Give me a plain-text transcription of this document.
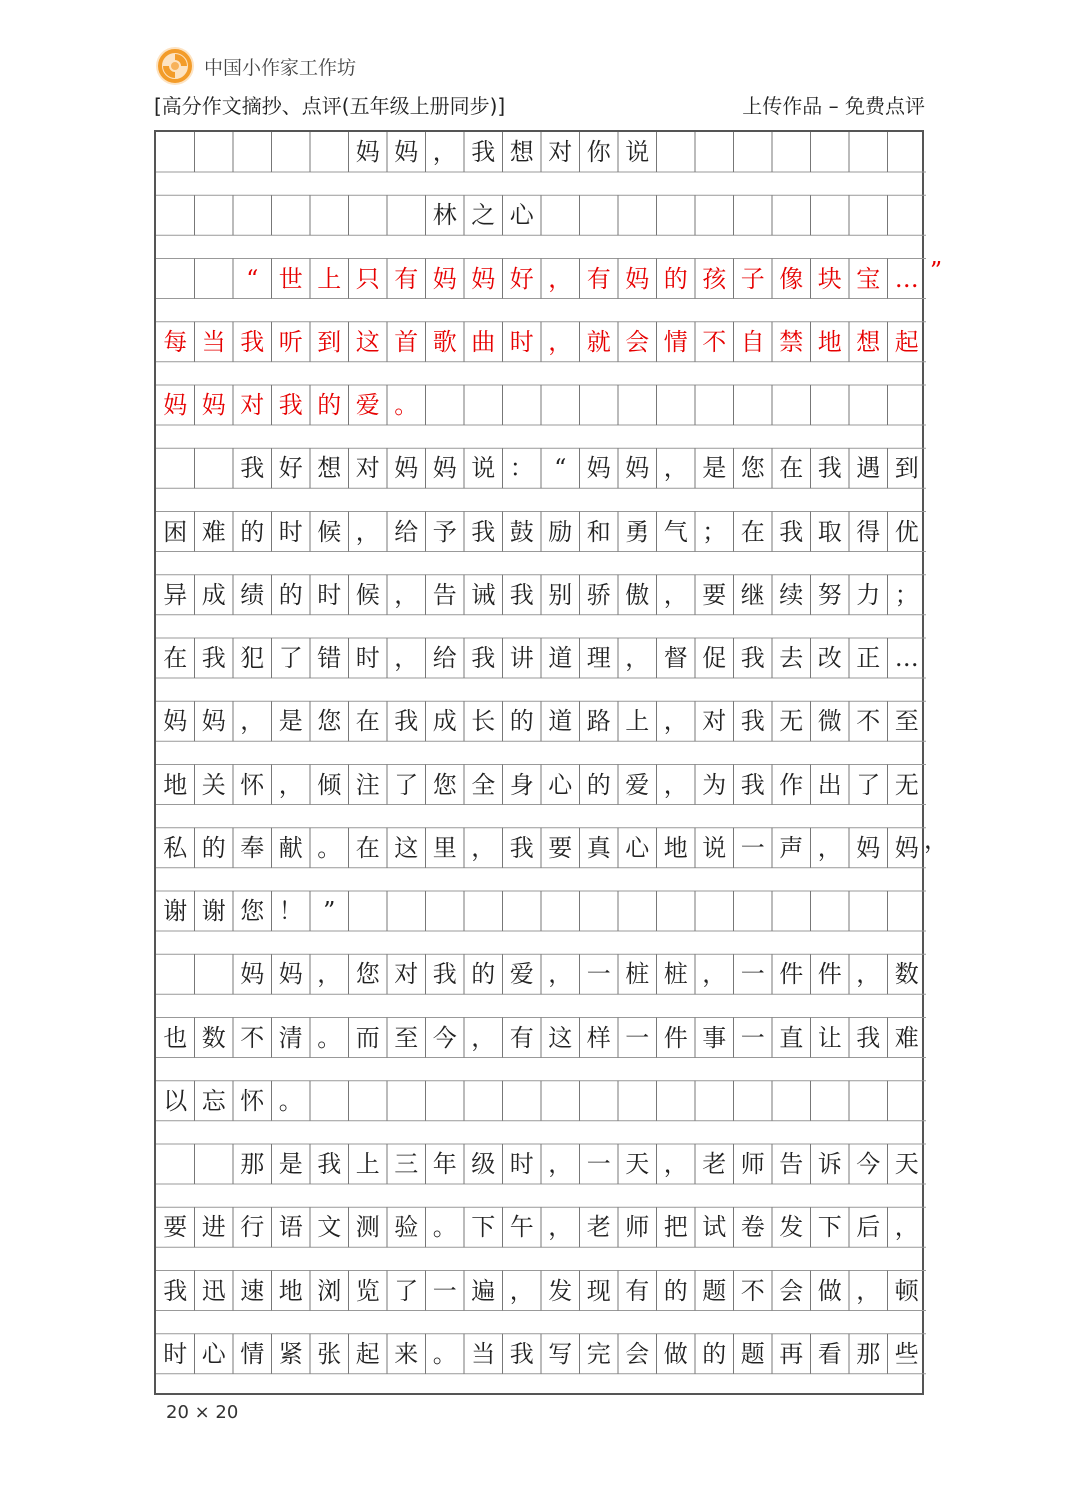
中国小作家工作坊
[高分作文摘抄、点评(五年级上册同步)]	上传作品 – 免费点评
妈 妈 ， 我 想 对 你 说
林 之 心
“ 世 上 只 有 妈 妈 好 ， 有 妈 的 孩 子 像 块 宝 … ”
每 当 我 听 到 这 首 歌 曲 时 ， 就 会 情 不 自 禁 地 想 起
妈 妈 对 我 的 爱 。
我 好 想 对 妈 妈 说 ： “ 妈 妈 ， 是 您 在 我 遇 到
困 难 的 时 候 ， 给 予 我 鼓 励 和 勇 气 ； 在 我 取 得 优
异 成 绩 的 时 候 ， 告 诫 我 别 骄 傲 ， 要 继 续 努 力 ；
在 我 犯 了 错 时 ， 给 我 讲 道 理 ， 督 促 我 去 改 正 …
妈 妈 ， 是 您 在 我 成 长 的 道 路 上 ， 对 我 无 微 不 至
地 关 怀 ， 倾 注 了 您 全 身 心 的 爱 ， 为 我 作 出 了 无
私 的 奉 献 。 在 这 里 ， 我 要 真 心 地 说 一 声 ， 妈 妈 ，
谢 谢 您 ！ ”
妈 妈 ， 您 对 我 的 爱 ， 一 桩 桩 ， 一 件 件 ， 数
也 数 不 清 。 而 至 今 ， 有 这 样 一 件 事 一 直 让 我 难
以 忘 怀 。
那 是 我 上 三 年 级 时 ， 一 天 ， 老 师 告 诉 今 天
要 进 行 语 文 测 验 。 下 午 ， 老 师 把 试 卷 发 下 后 ，
我 迅 速 地 浏 览 了 一 遍 ， 发 现 有 的 题 不 会 做 ， 顿
时 心 情 紧 张 起 来 。 当 我 写 完 会 做 的 题 再 看 那 些
20 × 20
